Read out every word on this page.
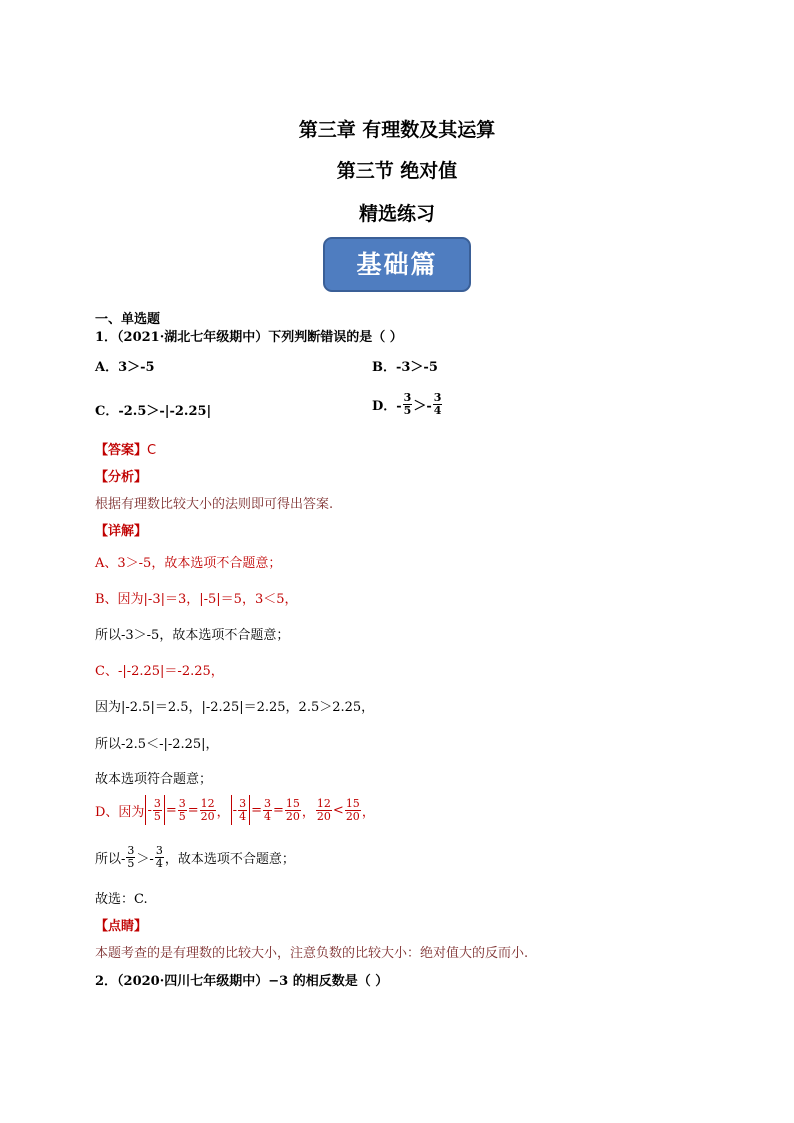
第三章 有理数及其运算
第三节 绝对值
精选练习
基础篇
一、单选题
1．（2021·湖北七年级期中）下列判断错误的是（ ）
A．3＞-5	B．-3＞-5
C．-2.5＞-|-2.25|	D．- $\frac{3}{5} >- \frac{3}{4}$
【答案】C
【分析】
根据有理数比较大小的法则即可得出答案.
【详解】
A、3＞-5，故本选项不合题意；
B、因为|-3|＝3，|-5|＝5，3＜5，
所以-3＞-5，故本选项不合题意；
C、-|-2.25|＝-2.25，
因为|-2.5|＝2.5，|-2.25|＝2.25，2.5＞2.25，
所以-2.5＜-|-2.25|，
故本选项符合题意；
D、因为 - $\frac{3}{5} = \frac{3}{5} = \frac{12}{20}$ ， - $\frac{3}{4} = \frac{3}{4} = \frac{15}{20}$ ， $\frac{12}{20} < \frac{15}{20}$ ，
所以- $\frac{3}{5} >- \frac{3}{4}$ ，故本选项不合题意；
故选：C.
【点睛】
本题考查的是有理数的比较大小，注意负数的比较大小：绝对值大的反而小.
2．（2020·四川七年级期中）−3 的相反数是（ ）
